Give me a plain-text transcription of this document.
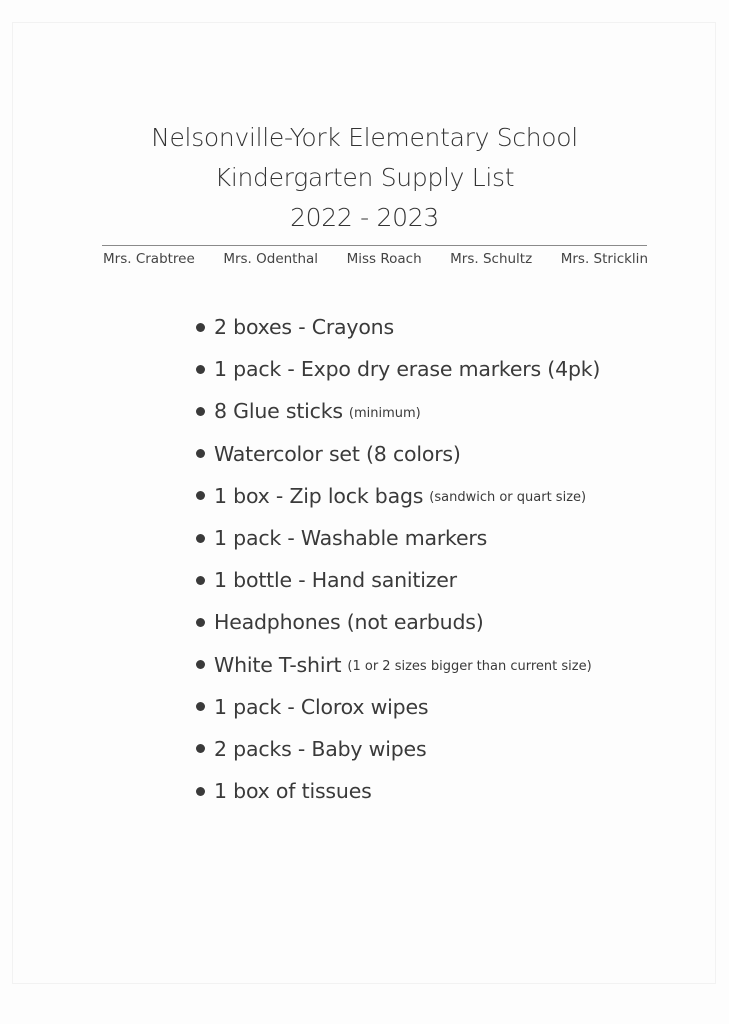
Nelsonville-York Elementary School
Kindergarten Supply List
2022 - 2023
Mrs. Crabtree Mrs. Odenthal Miss Roach Mrs. Schultz Mrs. Stricklin
2 boxes - Crayons
1 pack - Expo dry erase markers (4pk)
8 Glue sticks (minimum)
Watercolor set (8 colors)
1 box - Zip lock bags (sandwich or quart size)
1 pack - Washable markers
1 bottle - Hand sanitizer
Headphones (not earbuds)
White T-shirt (1 or 2 sizes bigger than current size)
1 pack - Clorox wipes
2 packs - Baby wipes
1 box of tissues
